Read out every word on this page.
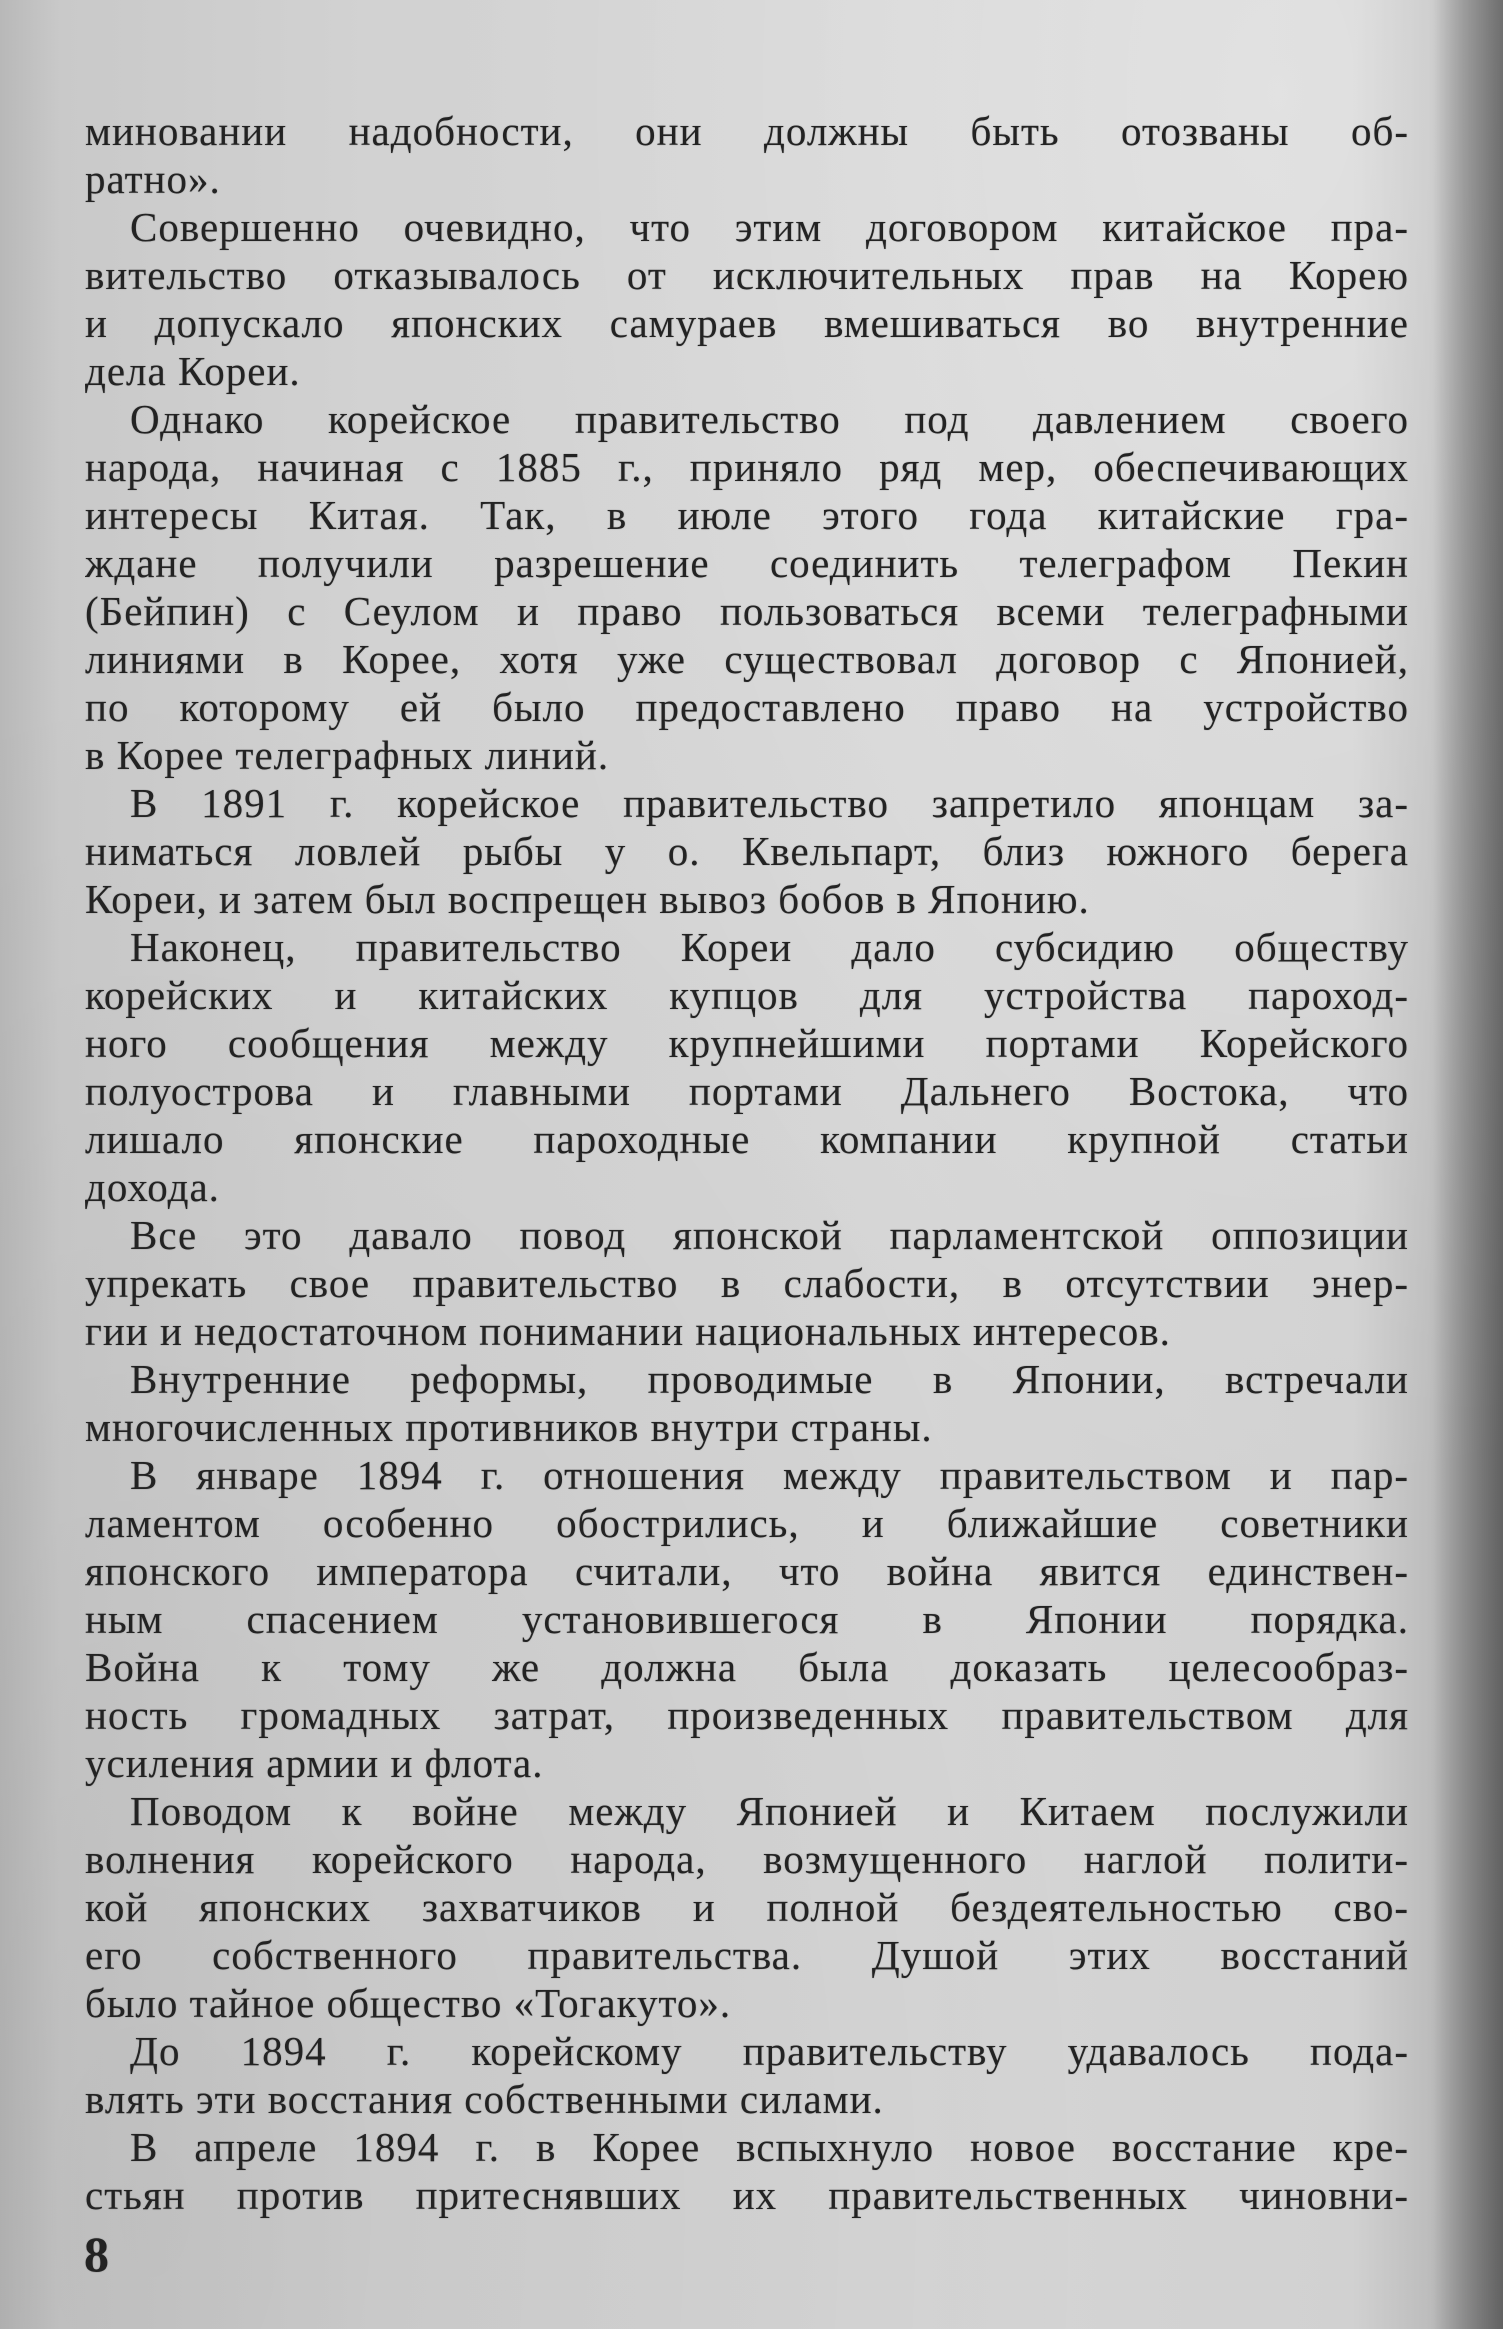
миновании надобности, они должны быть отозваны об-
ратно».
Совершенно очевидно, что этим договором китайское пра-
вительство отказывалось от исключительных прав на Корею
и допускало японских самураев вмешиваться во внутренние
дела Кореи.
Однако корейское правительство под давлением своего
народа, начиная с 1885 г., приняло ряд мер, обеспечивающих
интересы Китая. Так, в июле этого года китайские гра-
ждане получили разрешение соединить телеграфом Пекин
(Бейпин) с Сеулом и право пользоваться всеми телеграфными
линиями в Корее, хотя уже существовал договор с Японией,
по которому ей было предоставлено право на устройство
в Корее телеграфных линий.
В 1891 г. корейское правительство запретило японцам за-
ниматься ловлей рыбы у о. Квельпарт, близ южного берега
Кореи, и затем был воспрещен вывоз бобов в Японию.
Наконец, правительство Кореи дало субсидию обществу
корейских и китайских купцов для устройства пароход-
ного сообщения между крупнейшими портами Корейского
полуострова и главными портами Дальнего Востока, что
лишало японские пароходные компании крупной статьи
дохода.
Все это давало повод японской парламентской оппозиции
упрекать свое правительство в слабости, в отсутствии энер-
гии и недостаточном понимании национальных интересов.
Внутренние реформы, проводимые в Японии, встречали
многочисленных противников внутри страны.
В январе 1894 г. отношения между правительством и пар-
ламентом особенно обострились, и ближайшие советники
японского императора считали, что война явится единствен-
ным спасением установившегося в Японии порядка.
Война к тому же должна была доказать целесообраз-
ность громадных затрат, произведенных правительством для
усиления армии и флота.
Поводом к войне между Японией и Китаем послужили
волнения корейского народа, возмущенного наглой полити-
кой японских захватчиков и полной бездеятельностью сво-
его собственного правительства. Душой этих восстаний
было тайное общество «Тогакуто».
До 1894 г. корейскому правительству удавалось пода-
влять эти восстания собственными силами.
В апреле 1894 г. в Корее вспыхнуло новое восстание кре-
стьян против притеснявших их правительственных чиновни-
8
